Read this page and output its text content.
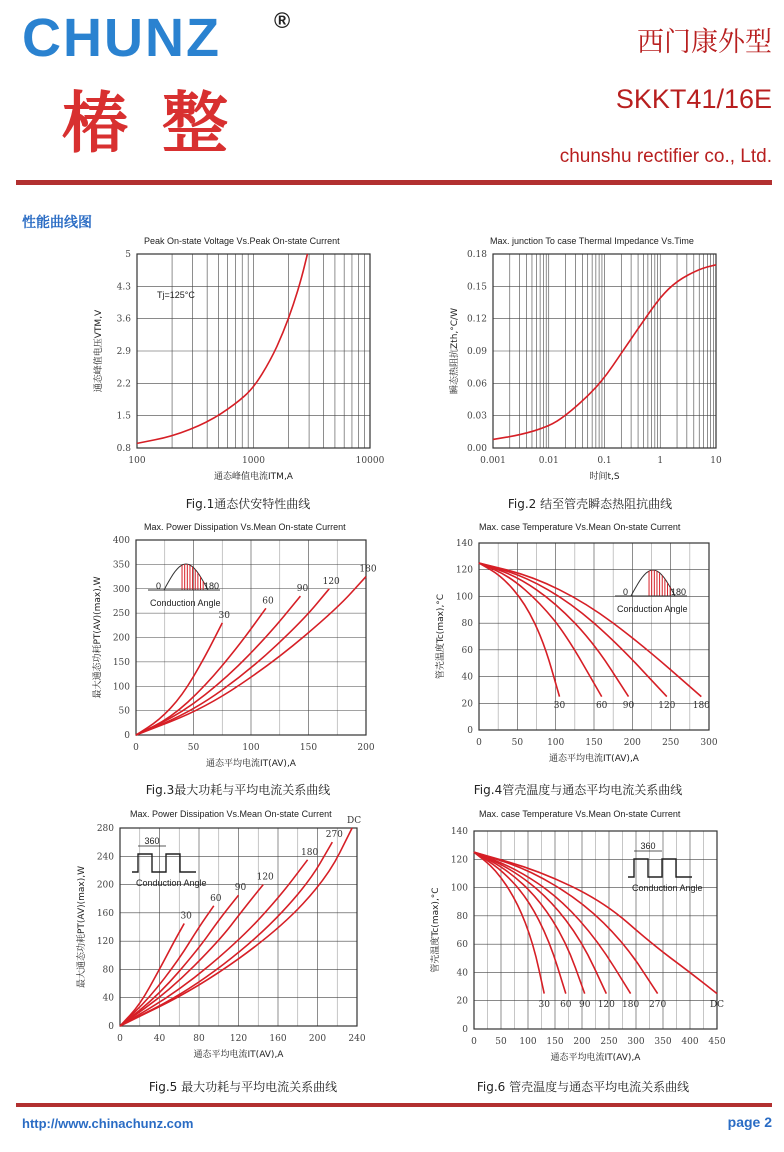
CHUNZ ®
椿整
西门康外型
SKKT41/16E
chunshu rectifier co., Ltd.
性能曲线图
100	1000	10000
0.8
1.5
2.2
2.9
3.6
4.3
5
Peak On-state Voltage Vs.Peak On-state Current
通态峰值电流ITM,A
通态峰值电压VTM,V
Fig.1通态伏安特性曲线
Tj=125°C
0.001	0.01	0.1	1	10
0.00
0.03
0.06
0.09
0.12
0.15
0.18
Max. junction To case Thermal Impedance Vs.Time
时间t,S
瞬态热阻抗Zth,°C/W
Fig.2 结至管壳瞬态热阻抗曲线
0	50	100	150	200
0
50
100
150
200
250
300
350
400
Max. Power Dissipation Vs.Mean On-state Current
通态平均电流IT(AV),A
最大通态功耗PT(AV)(max),W
Fig.3最大功耗与平均电流关系曲线
30
60
90
120
180
0	180
Conduction Angle
0	50	100 150 200 250 300
0
20
40
60
80
100
120
140
Max. case Temperature Vs.Mean On-state Current
通态平均电流IT(AV),A
管壳温度Tc(max),°C
Fig.4管壳温度与通态平均电流关系曲线
30	60 90	120 180
0	180
Conduction Angle
0	40	80	120 160 200 240
0
40
80
120
160
200
240
280
Max. Power Dissipation Vs.Mean On-state Current
通态平均电流IT(AV),A
最大通态功耗PT(AV)(max),W
Fig.5 最大功耗与平均电流关系曲线
30
60
90
120
180
270
DC
360
Conduction Angle
0 50 100 150 200 250 300 350 400 450
0
20
40
60
80
100
120
140
Max. case Temperature Vs.Mean On-state Current
通态平均电流IT(AV),A
管壳温度Tc(max),°C
Fig.6 管壳温度与通态平均电流关系曲线
30 60 90 120 180 270	DC
360
Conduction Angle
http://www.chinachunz.com	page 2
